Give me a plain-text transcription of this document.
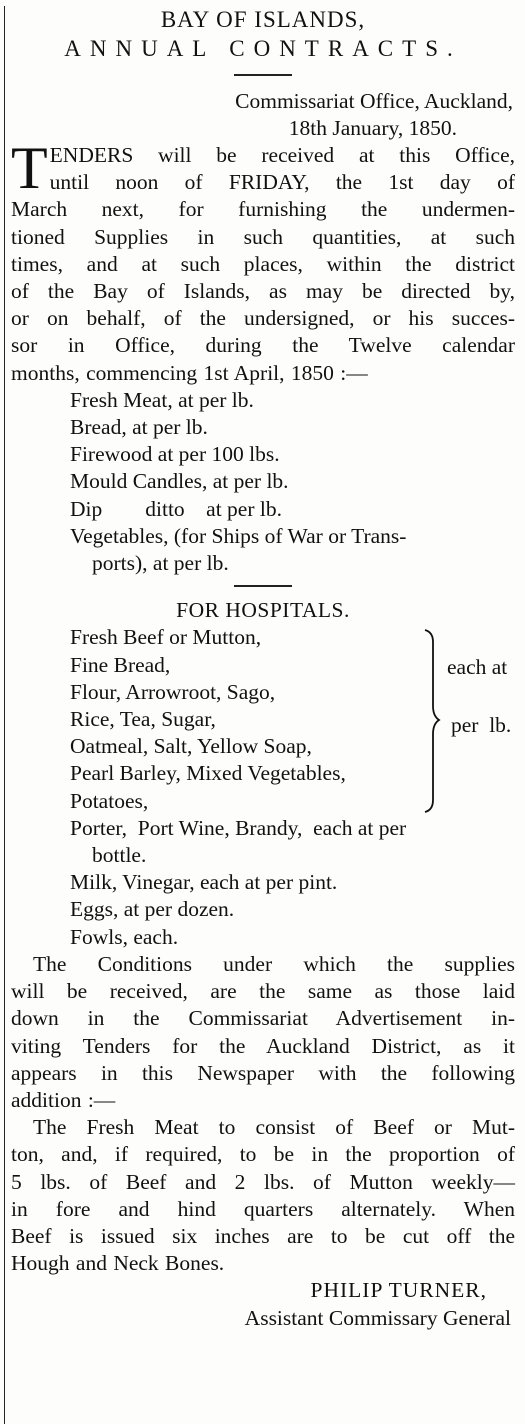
BAY OF ISLANDS,
ANNUAL CONTRACTS.
Commissariat Office, Auckland,
18th January, 1850.
T ENDERS will be received at this Office,
until noon of FRIDAY, the 1st day of
March next, for furnishing the undermen-
tioned Supplies in such quantities, at such
times, and at such places, within the district
of the Bay of Islands, as may be directed by,
or on behalf, of the undersigned, or his succes-
sor in Office, during the Twelve calendar
months, commencing 1st April, 1850 :—
Fresh Meat, at per lb.
Bread, at per lb.
Firewood at per 100 lbs.
Mould Candles, at per lb.
Dip        ditto    at per lb.
Vegetables, (for Ships of War or Trans-
ports), at per lb.
FOR HOSPITALS.
Fresh Beef or Mutton,
Fine Bread,
Flour, Arrowroot, Sago,
Rice, Tea, Sugar,
Oatmeal, Salt, Yellow Soap,
Pearl Barley, Mixed Vegetables,
Potatoes,
each at
per  lb.
Porter,  Port Wine, Brandy,  each at per
bottle.
Milk, Vinegar, each at per pint.
Eggs, at per dozen.
Fowls, each.
The Conditions under which the supplies
will be received, are the same as those laid
down in the Commissariat Advertisement in-
viting Tenders for the Auckland District, as it
appears in this Newspaper with the following
addition :—
The Fresh Meat to consist of Beef or Mut-
ton, and, if required, to be in the proportion of
5 lbs. of Beef and 2 lbs. of Mutton weekly—
in fore and hind quarters alternately. When
Beef is issued six inches are to be cut off the
Hough and Neck Bones.
PHILIP TURNER,
Assistant Commissary General
